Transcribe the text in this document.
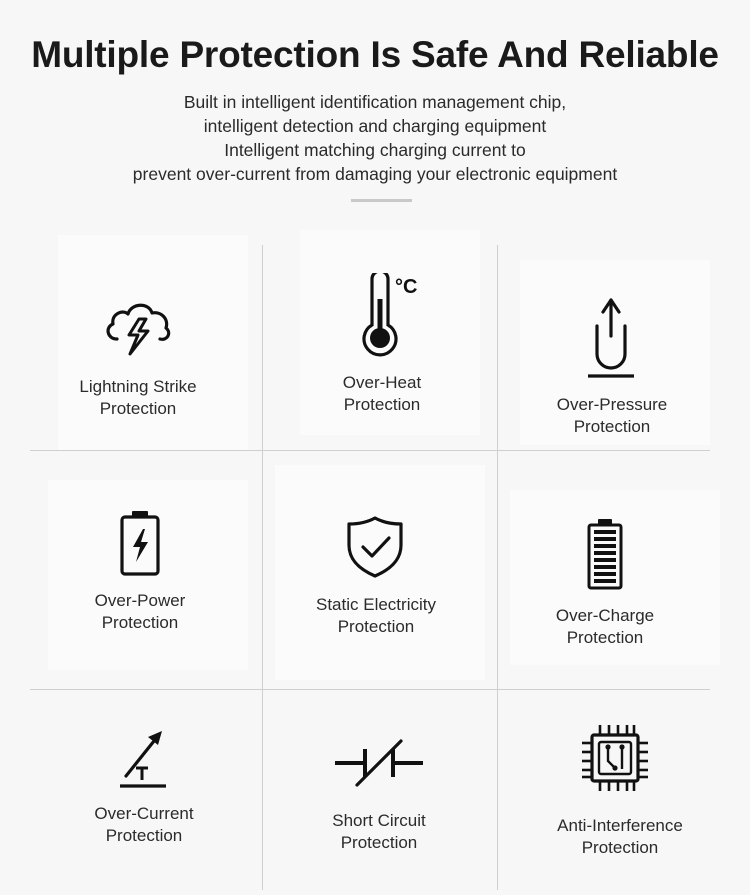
Multiple Protection Is Safe And Reliable
Built in intelligent identification management chip,
intelligent detection and charging equipment
Intelligent matching charging current to
prevent over-current from damaging your electronic equipment
Lightning Strike
Protection
°C
Over-Heat
Protection	Over-Pressure
Protection
Over-Power
Protection
Static Electricity
Protection
Over-Charge
Protection
Over-Current
Protection
Short Circuit
Protection
Anti-Interference
Protection
